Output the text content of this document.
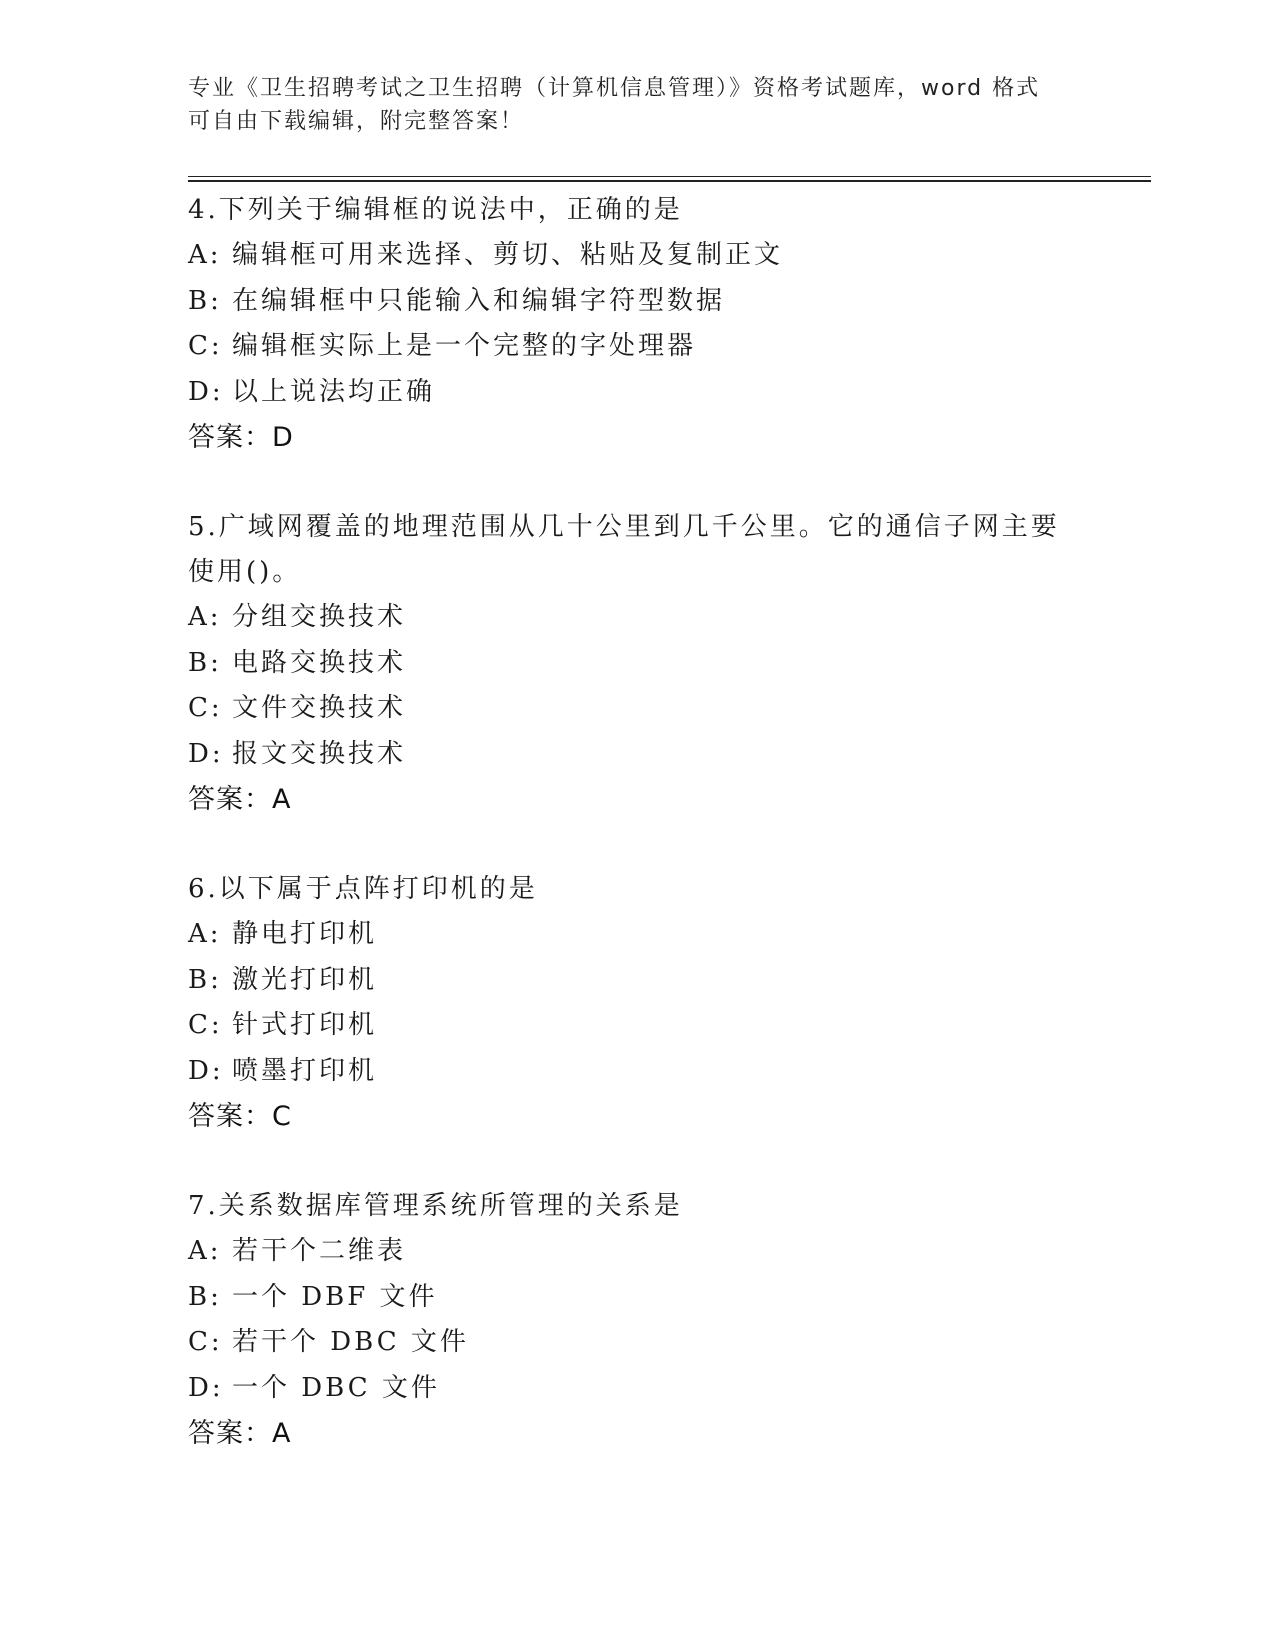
专业《卫生招聘考试之卫生招聘（计算机信息管理）》资格考试题库，word 格式
可自由下载编辑，附完整答案！
4.下列关于编辑框的说法中，正确的是
A: 编辑框可用来选择、剪切、粘贴及复制正文
B: 在编辑框中只能输入和编辑字符型数据
C: 编辑框实际上是一个完整的字处理器
D: 以上说法均正确
答案：D
5.广域网覆盖的地理范围从几十公里到几千公里。它的通信子网主要
使用()。
A: 分组交换技术
B: 电路交换技术
C: 文件交换技术
D: 报文交换技术
答案：A
6.以下属于点阵打印机的是
A: 静电打印机
B: 激光打印机
C: 针式打印机
D: 喷墨打印机
答案：C
7.关系数据库管理系统所管理的关系是
A: 若干个二维表
B: 一个 DBF 文件
C: 若干个 DBC 文件
D: 一个 DBC 文件
答案：A
